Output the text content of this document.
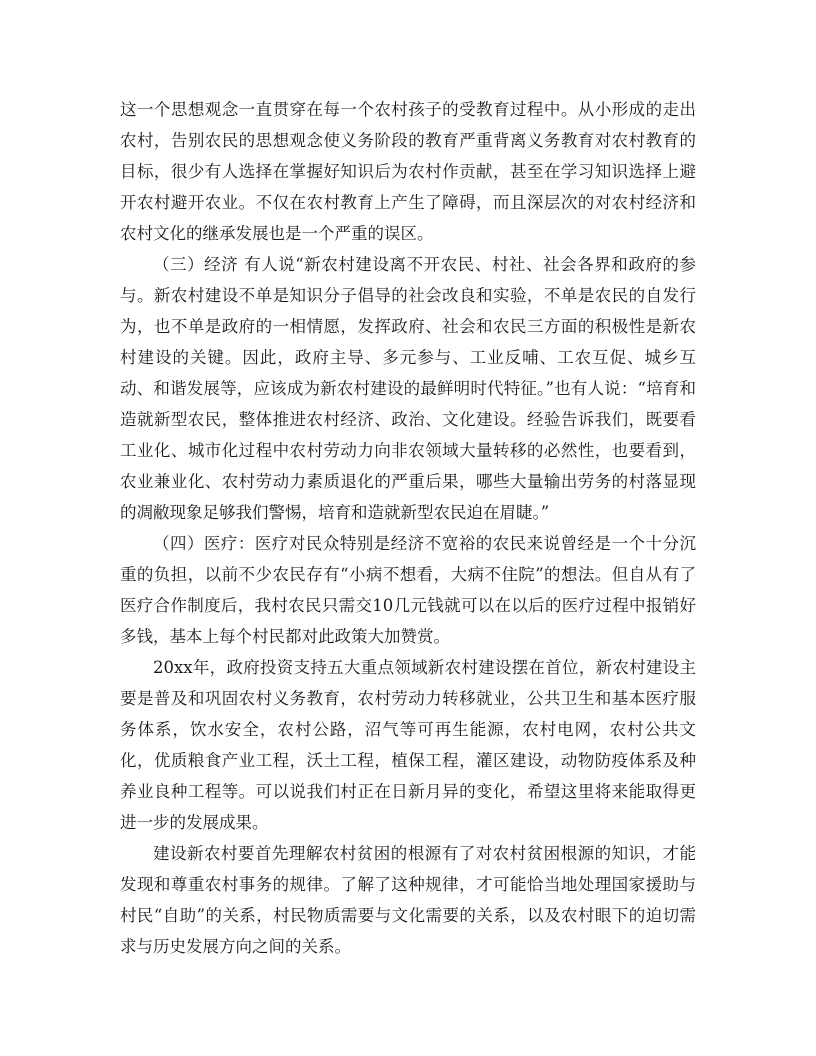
这一个思想观念一直贯穿在每一个农村孩子的受教育过程中。从小形成的走出农村，告别农民的思想观念使义务阶段的教育严重背离义务教育对农村教育的目标，很少有人选择在掌握好知识后为农村作贡献，甚至在学习知识选择上避开农村避开农业。不仅在农村教育上产生了障碍，而且深层次的对农村经济和农村文化的继承发展也是一个严重的误区。

（三）经济 有人说“新农村建设离不开农民、村社、社会各界和政府的参与。新农村建设不单是知识分子倡导的社会改良和实验，不单是农民的自发行为，也不单是政府的一相情愿，发挥政府、社会和农民三方面的积极性是新农村建设的关键。因此，政府主导、多元参与、工业反哺、工农互促、城乡互动、和谐发展等，应该成为新农村建设的最鲜明时代特征。”也有人说：“培育和造就新型农民，整体推进农村经济、政治、文化建设。经验告诉我们，既要看工业化、城市化过程中农村劳动力向非农领域大量转移的必然性，也要看到，农业兼业化、农村劳动力素质退化的严重后果，哪些大量输出劳务的村落显现的凋敝现象足够我们警惕，培育和造就新型农民迫在眉睫。”

（四）医疗：医疗对民众特别是经济不宽裕的农民来说曾经是一个十分沉重的负担，以前不少农民存有“小病不想看，大病不住院”的想法。但自从有了医疗合作制度后，我村农民只需交10几元钱就可以在以后的医疗过程中报销好多钱，基本上每个村民都对此政策大加赞赏。

20xx年，政府投资支持五大重点领域新农村建设摆在首位，新农村建设主要是普及和巩固农村义务教育，农村劳动力转移就业，公共卫生和基本医疗服务体系，饮水安全，农村公路，沼气等可再生能源，农村电网，农村公共文化，优质粮食产业工程，沃土工程，植保工程，灌区建设，动物防疫体系及种养业良种工程等。可以说我们村正在日新月异的变化，希望这里将来能取得更进一步的发展成果。

建设新农村要首先理解农村贫困的根源有了对农村贫困根源的知识，才能发现和尊重农村事务的规律。了解了这种规律，才可能恰当地处理国家援助与村民“自助”的关系，村民物质需要与文化需要的关系，以及农村眼下的迫切需求与历史发展方向之间的关系。
